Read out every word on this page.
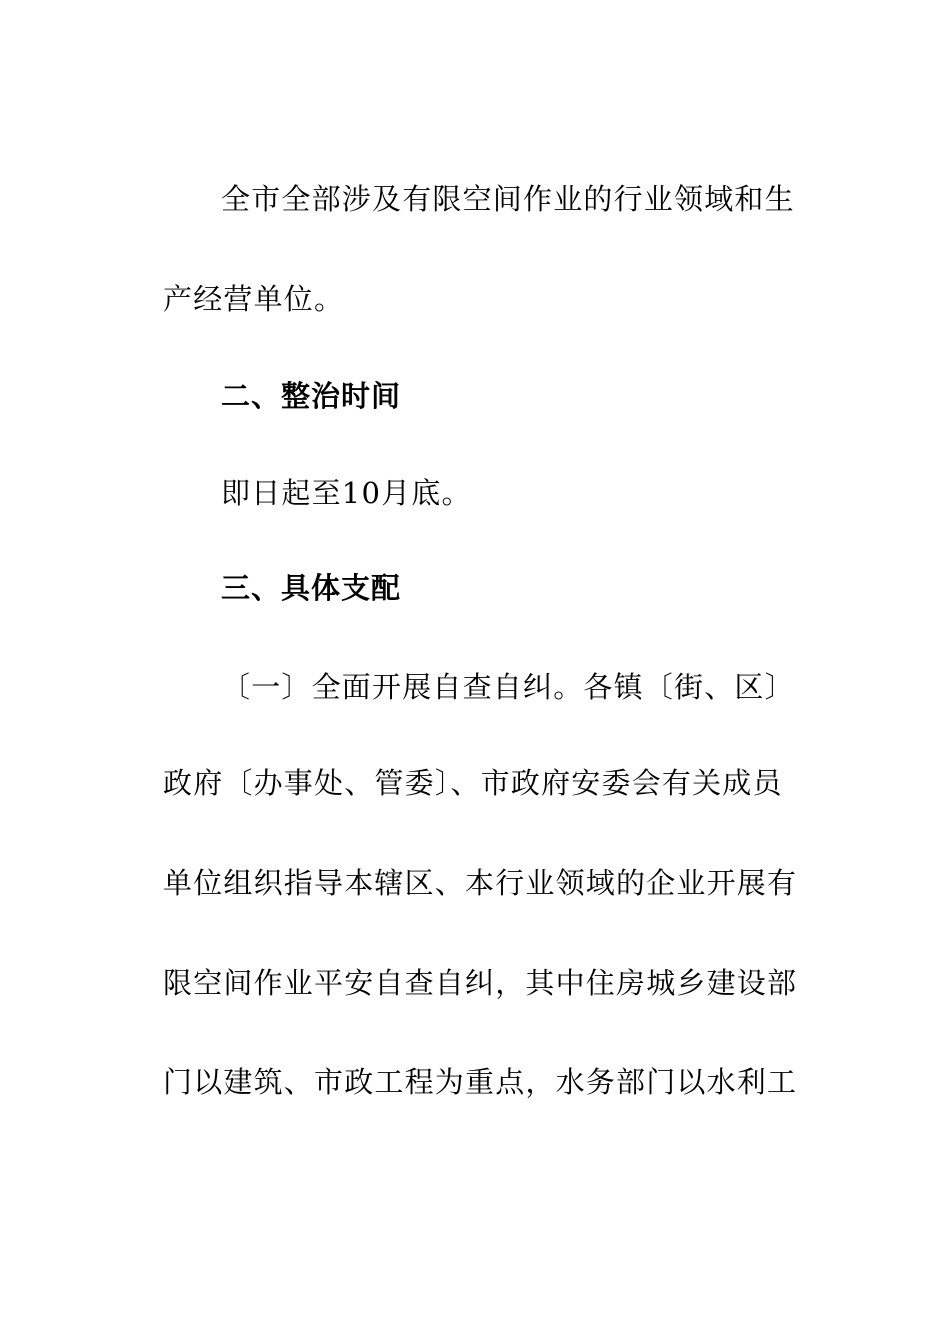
全市全部涉及有限空间作业的行业领域和生
产经营单位。
二、整治时间
即日起至10月底。
三、具体支配
〔一〕全面开展自查自纠。各镇〔街、区〕
政府〔办事处、管委〕、市政府安委会有关成员
单位组织指导本辖区、本行业领域的企业开展有
限空间作业平安自查自纠，其中住房城乡建设部
门以建筑、市政工程为重点，水务部门以水利工
